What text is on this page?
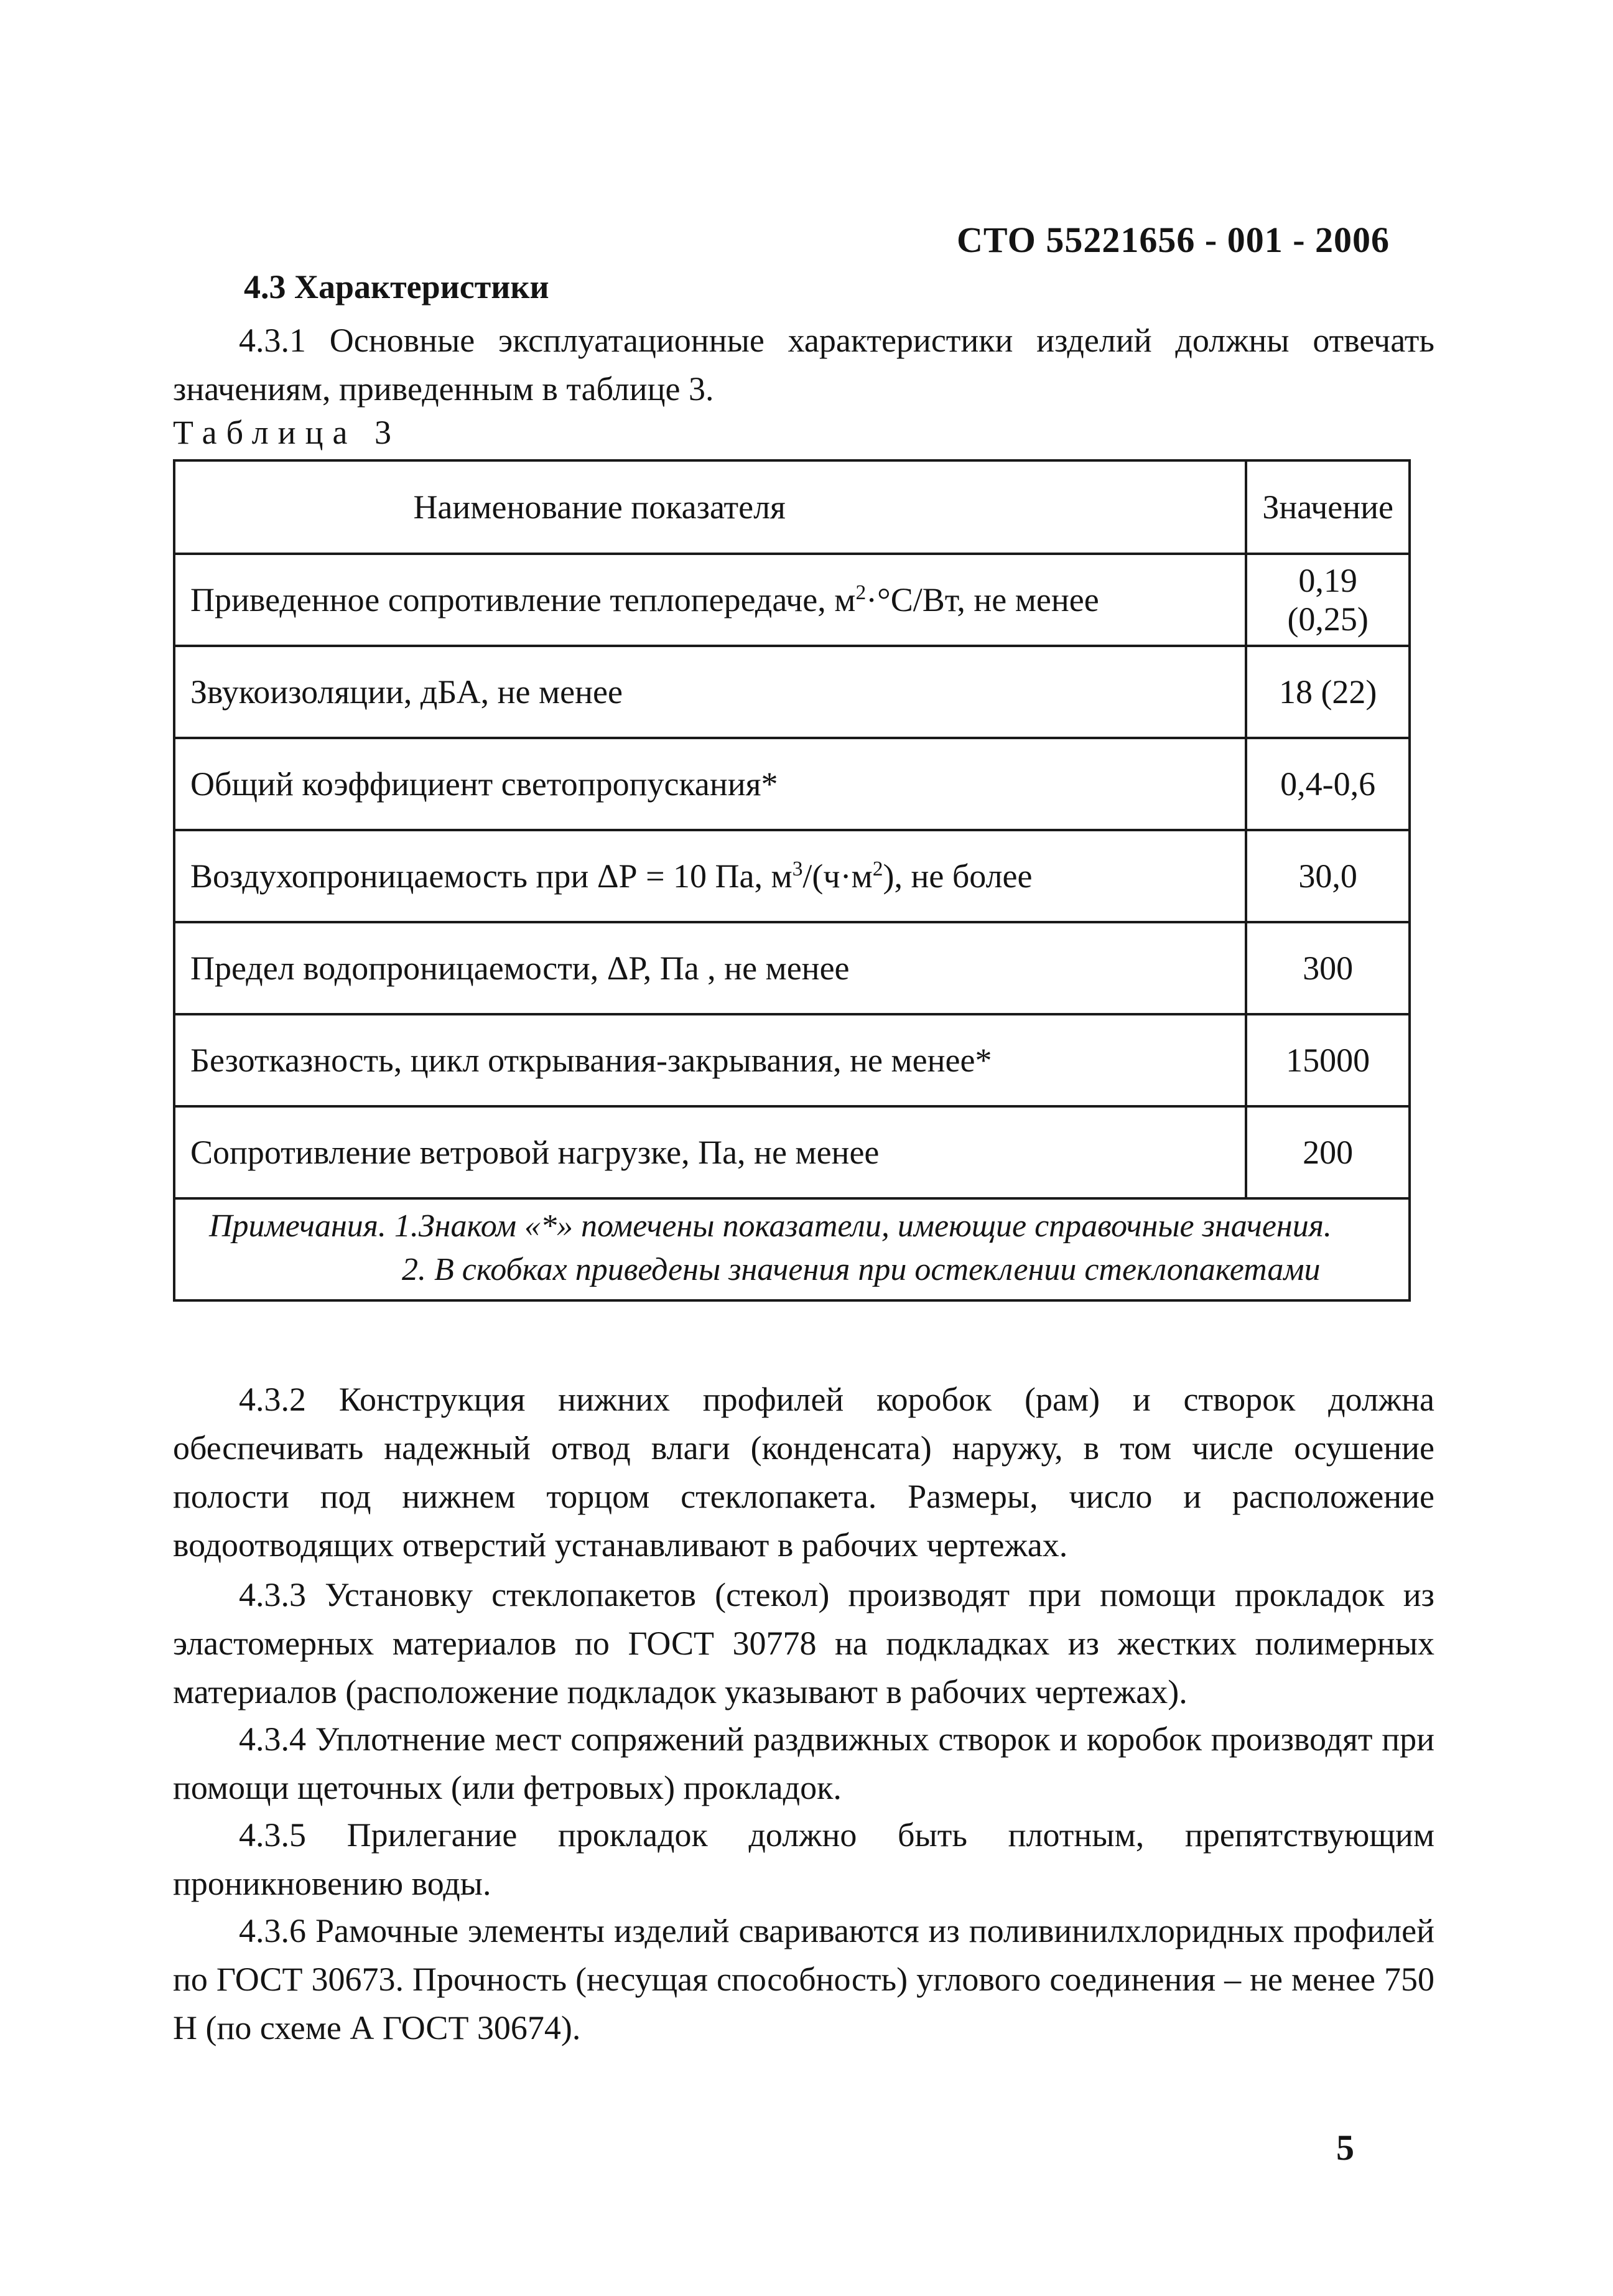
СТО 55221656 - 001 - 2006
4.3 Характеристики
4.3.1 Основные эксплуатационные характеристики изделий должны отвечать значениям, приведенным в таблице 3.
Таблица 3
Наименование показателя	Значение
Приведенное сопротивление теплопередаче, $м^2\cdot^\circ С/Вт$, не менее	0,19 (0,25)
Звукоизоляции, дБА, не менее	18 (22)
Общий коэффициент светопропускания*	0,4-0,6
Воздухопроницаемость при ΔР = 10 Па, $м^3/(ч\cdot м^2)$, не более	30,0
Предел водопроницаемости, ΔР, Па , не менее	300
Безотказность, цикл открывания-закрывания, не менее*	15000
Сопротивление ветровой нагрузке, Па, не менее	200

Примечания. 1.Знаком «*» помечены показатели, имеющие справочные значения.
2. В скобках приведены значения при остеклении стеклопакетами	
4.3.2 Конструкция нижних профилей коробок (рам) и створок должна обеспечивать надежный отвод влаги (конденсата) наружу, в том числе осушение полости под нижнем торцом стеклопакета. Размеры, число и расположение водоотводящих отверстий устанавливают в рабочих чертежах.
4.3.3 Установку стеклопакетов (стекол) производят при помощи прокладок из эластомерных материалов по ГОСТ 30778 на подкладках из жестких полимерных материалов (расположение подкладок указывают в рабочих чертежах).
4.3.4 Уплотнение мест сопряжений раздвижных створок и коробок производят при помощи щеточных (или фетровых) прокладок.
4.3.5 Прилегание прокладок должно быть плотным, препятствующим проникновению воды.
4.3.6 Рамочные элементы изделий свариваются из поливинилхлоридных профилей по ГОСТ 30673. Прочность (несущая способность) углового соединения – не менее 750 Н (по схеме А ГОСТ 30674).
5
